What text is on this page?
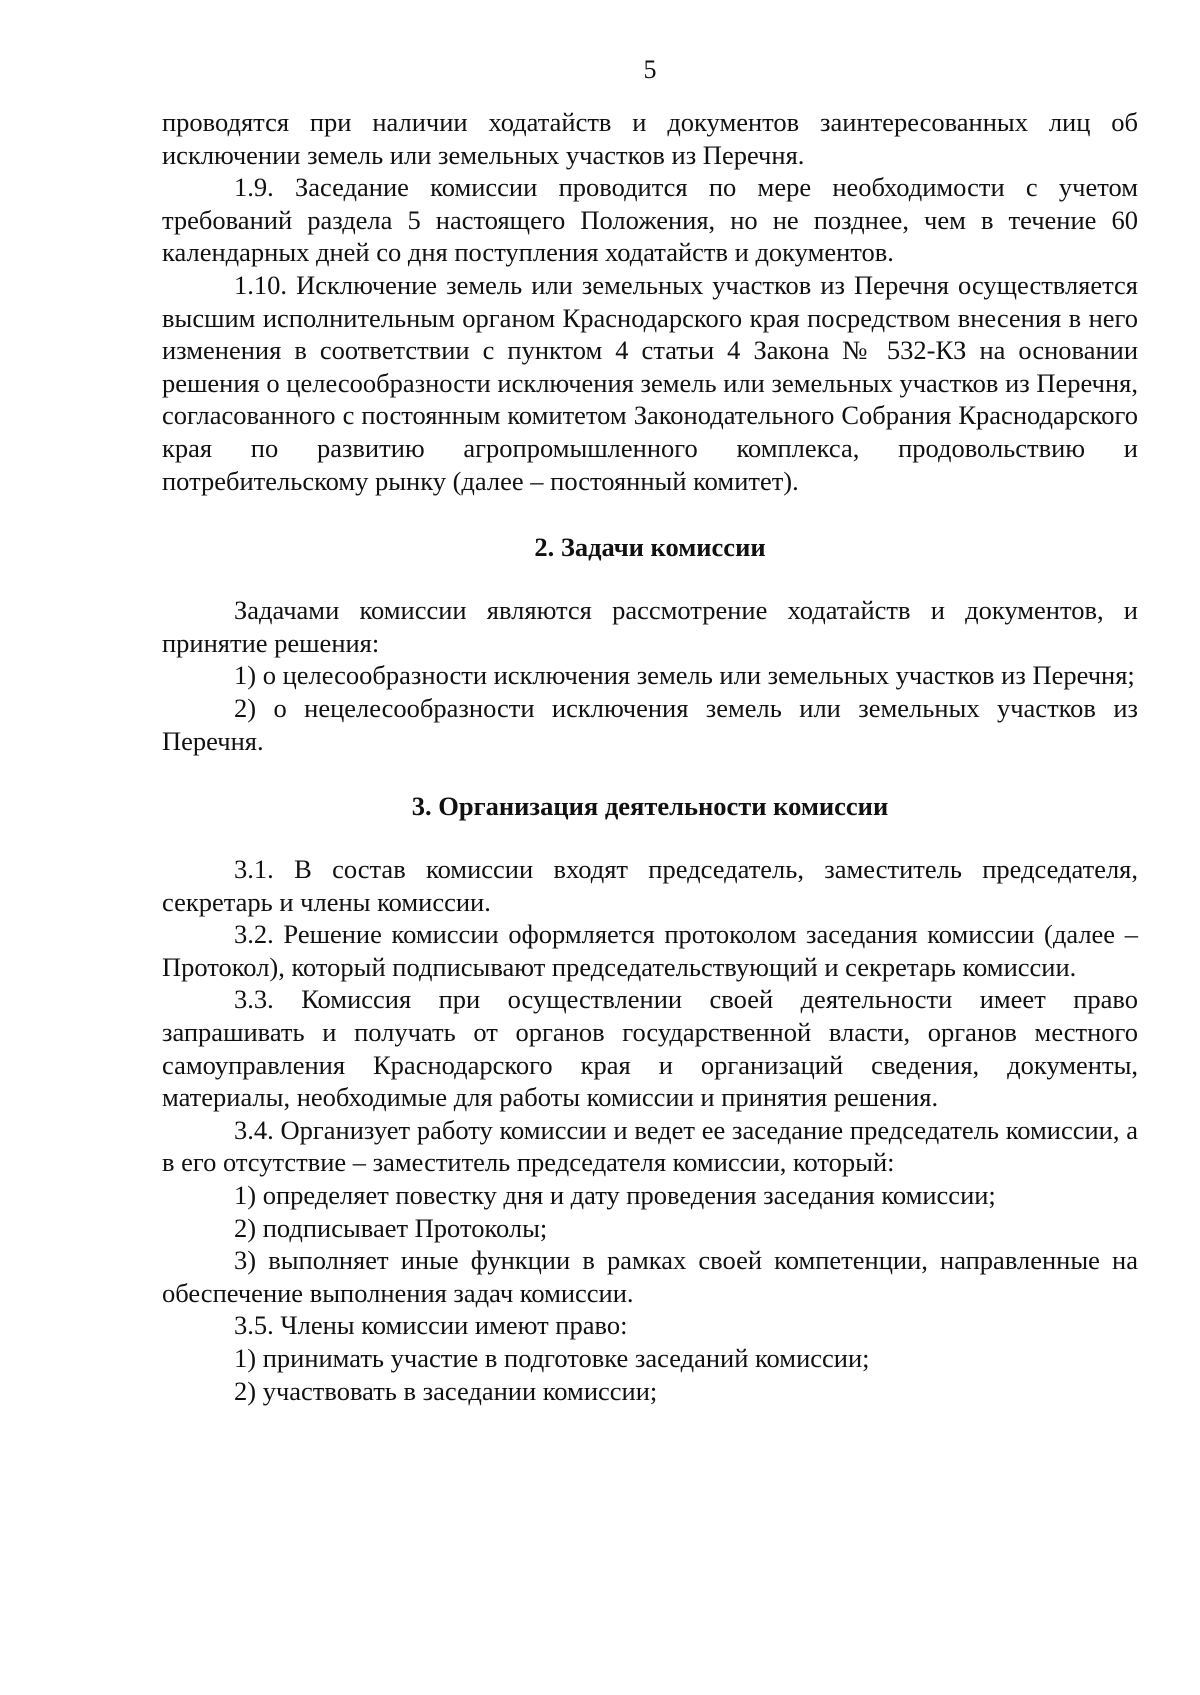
5

проводятся при наличии ходатайств и документов заинтересованных лиц об исключении земель или земельных участков из Перечня.

1.9. Заседание комиссии проводится по мере необходимости с учетом требований раздела 5 настоящего Положения, но не позднее, чем в течение 60 календарных дней со дня поступления ходатайств и документов.

1.10. Исключение земель или земельных участков из Перечня осуществляется высшим исполнительным органом Краснодарского края посредством внесения в него изменения в соответствии с пунктом 4 статьи 4 Закона № 532-КЗ на основании решения о целесообразности исключения земель или земельных участков из Перечня, согласованного с постоянным комитетом Законодательного Собрания Краснодарского края по развитию агропромышленного комплекса, продовольствию и потребительскому рынку (далее – постоянный комитет).

2. Задачи комиссии

Задачами комиссии являются рассмотрение ходатайств и документов, и принятие решения:

1) о целесообразности исключения земель или земельных участков из Перечня;

2) о нецелесообразности исключения земель или земельных участков из Перечня.

3. Организация деятельности комиссии

3.1. В состав комиссии входят председатель, заместитель председателя, секретарь и члены комиссии.

3.2. Решение комиссии оформляется протоколом заседания комиссии (далее – Протокол), который подписывают председательствующий и секретарь комиссии.

3.3. Комиссия при осуществлении своей деятельности имеет право запрашивать и получать от органов государственной власти, органов местного самоуправления Краснодарского края и организаций сведения, документы, материалы, необходимые для работы комиссии и принятия решения.

3.4. Организует работу комиссии и ведет ее заседание председатель комиссии, а в его отсутствие – заместитель председателя комиссии, который:

1) определяет повестку дня и дату проведения заседания комиссии;

2) подписывает Протоколы;

3) выполняет иные функции в рамках своей компетенции, направленные на обеспечение выполнения задач комиссии.

3.5. Члены комиссии имеют право:

1) принимать участие в подготовке заседаний комиссии;

2) участвовать в заседании комиссии;
